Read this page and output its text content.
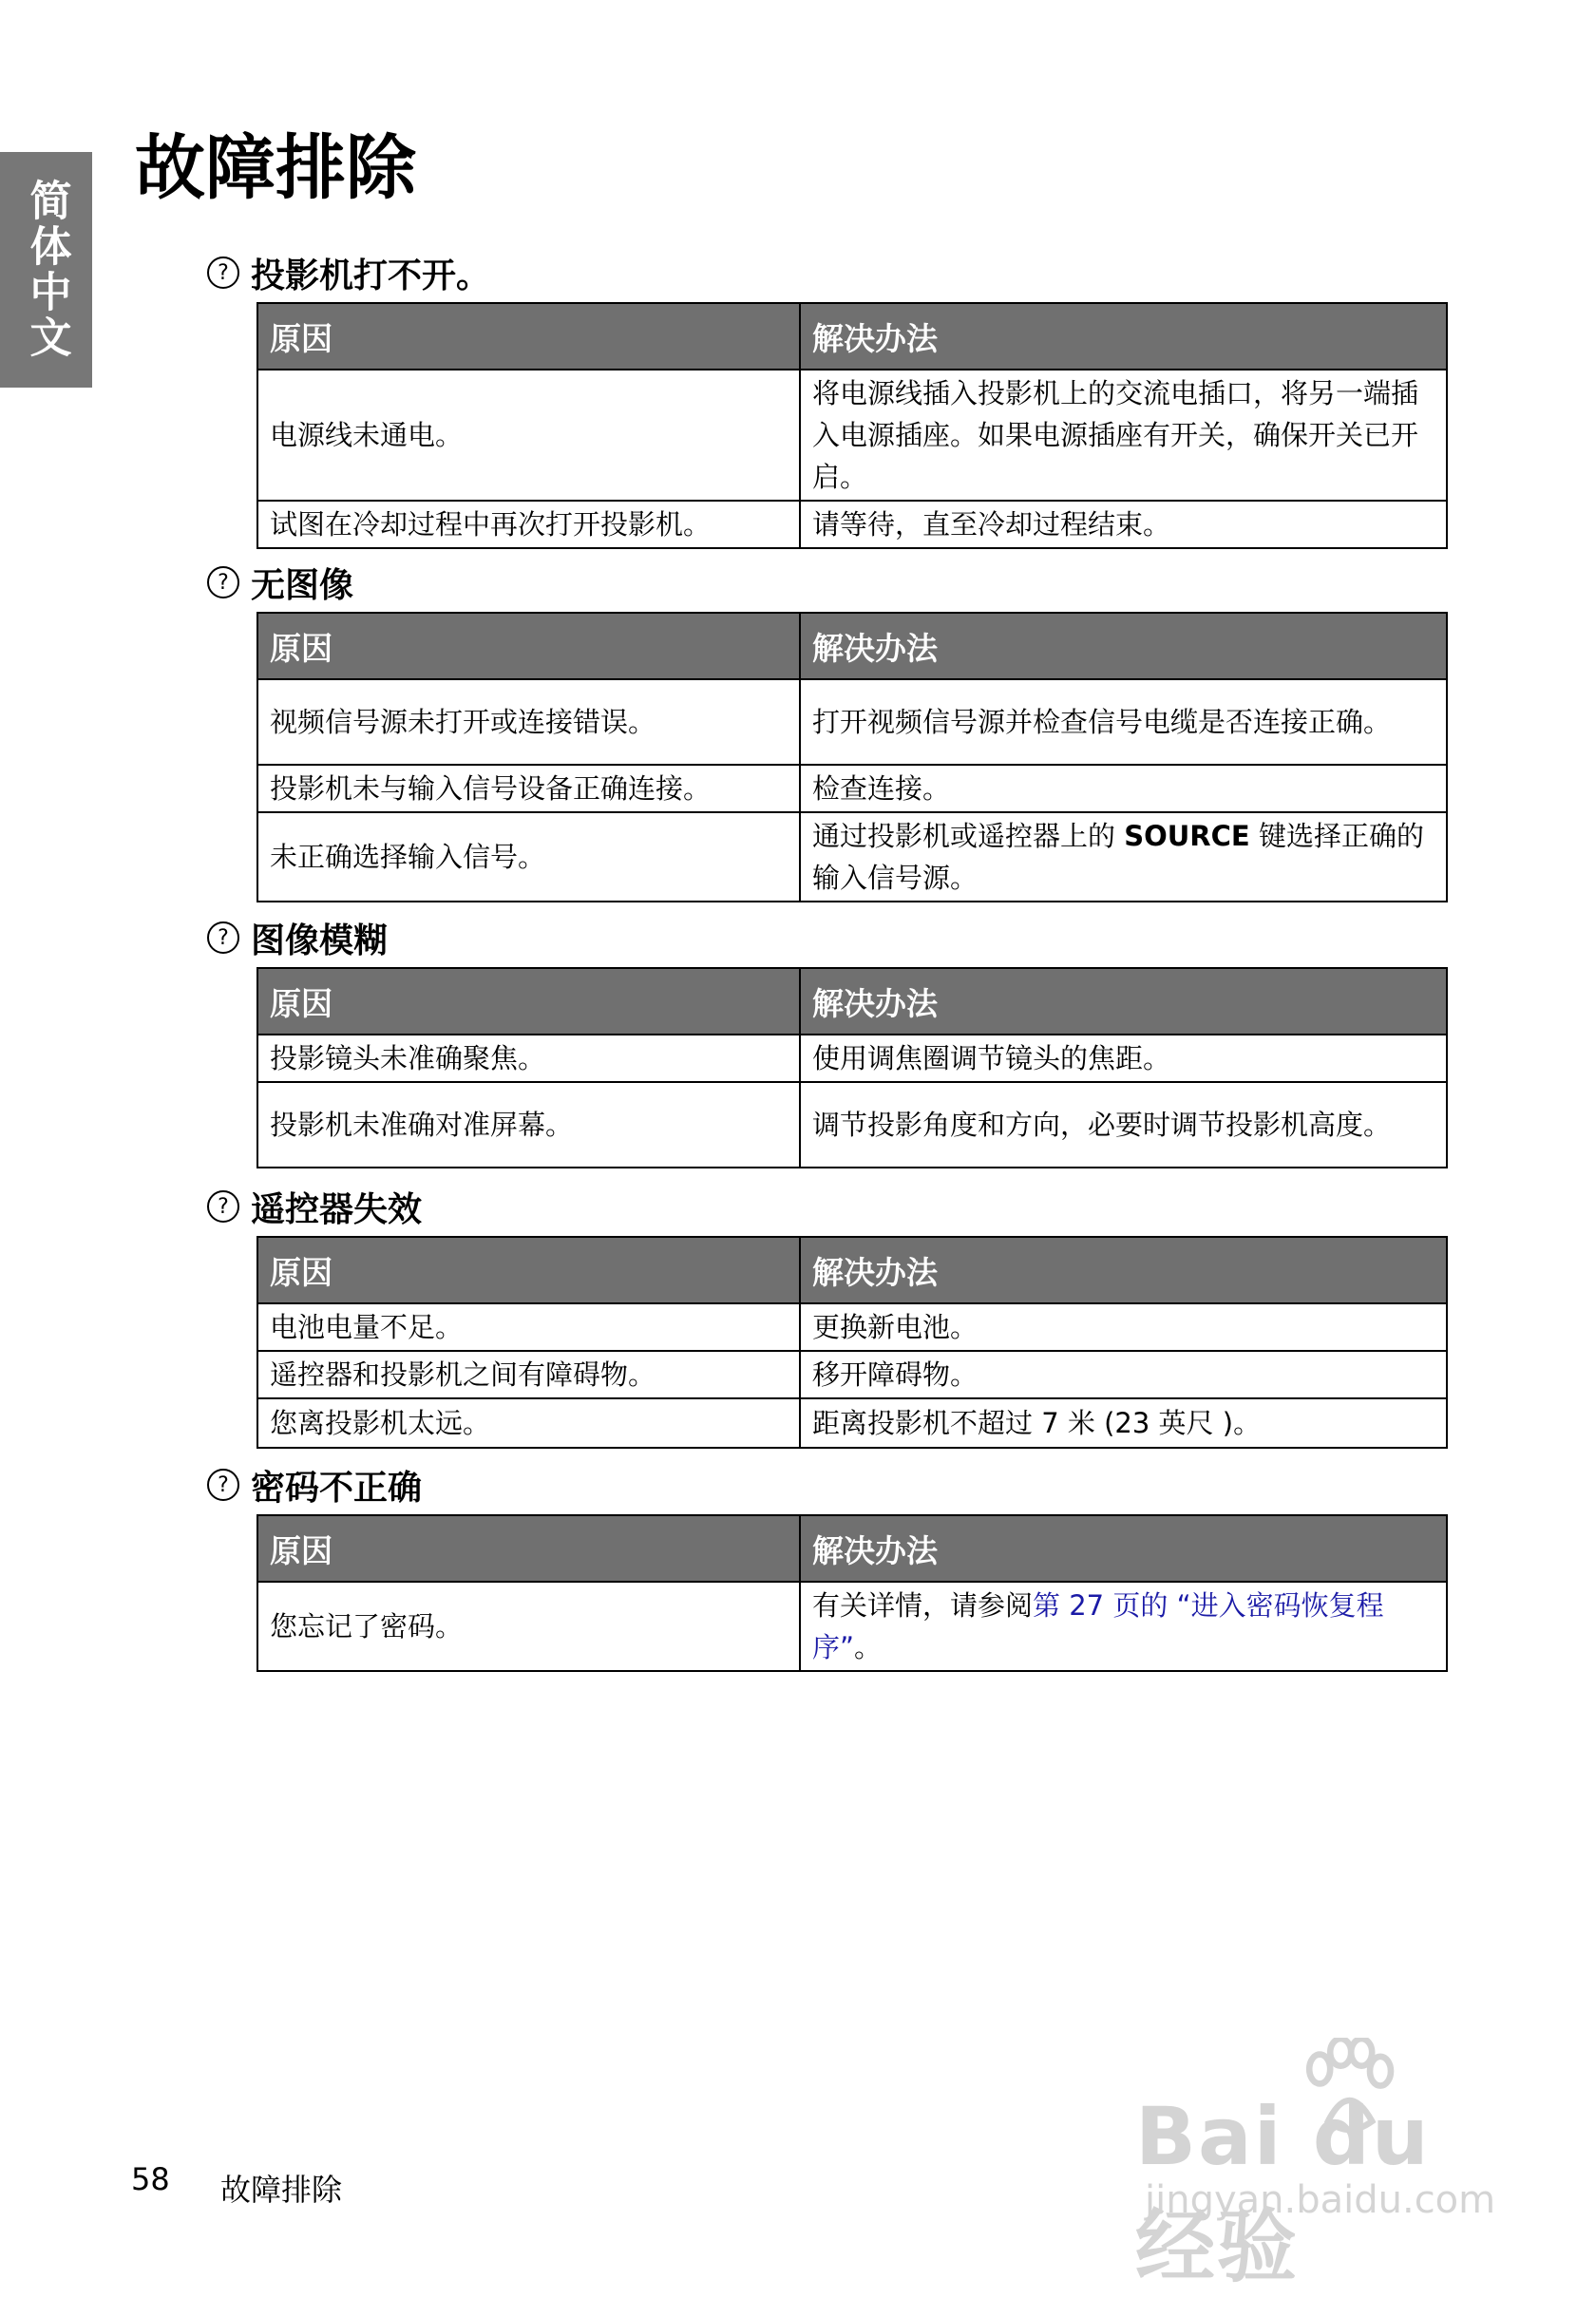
简体中文
故障排除
? 投影机打不开。
原因	解决办法
电源线未通电。	将电源线插入投影机上的交流电插口，将另一端插入电源插座。如果电源插座有开关，确保开关已开启。
试图在冷却过程中再次打开投影机。	请等待，直至冷却过程结束。
? 无图像
原因	解决办法
视频信号源未打开或连接错误。	打开视频信号源并检查信号电缆是否连接正确。
投影机未与输入信号设备正确连接。	检查连接。
未正确选择输入信号。	通过投影机或遥控器上的 SOURCE 键选择正确的输入信号源。
? 图像模糊
原因	解决办法
投影镜头未准确聚焦。	使用调焦圈调节镜头的焦距。
投影机未准确对准屏幕。	调节投影角度和方向，必要时调节投影机高度。
? 遥控器失效
原因	解决办法
电池电量不足。	更换新电池。
遥控器和投影机之间有障碍物。	移开障碍物。
您离投影机太远。	距离投影机不超过 7 米 (23 英尺 )。
? 密码不正确
原因	解决办法
您忘记了密码。	有关详情，请参阅第 27 页的 “进入密码恢复程序”。
58 故障排除
Bai du 经验
jingyan.baidu.com
